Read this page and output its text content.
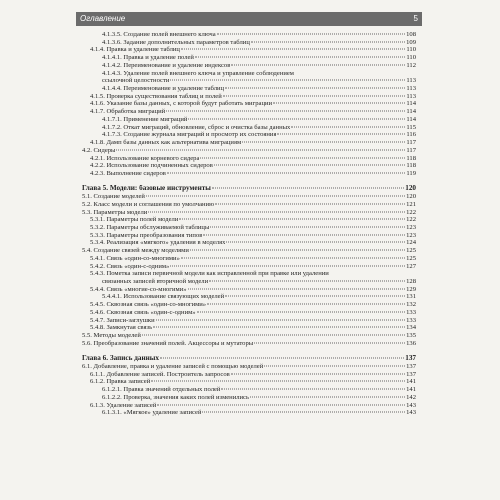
Оглавление	5
4.1.3.5. Создание полей внешнего ключа	108
4.1.3.6. Задание дополнительных параметров таблиц	109
4.1.4. Правка и удаление таблиц	110
4.1.4.1. Правка и удаление полей	110
4.1.4.2. Переименование и удаление индексов	112
4.1.4.3. Удаление полей внешнего ключа и управление соблюдением
ссылочной целостности	113
4.1.4.4. Переименование и удаление таблиц	113
4.1.5. Проверка существования таблиц и полей	113
4.1.6. Указание базы данных, с которой будут работать миграции	114
4.1.7. Обработка миграций	114
4.1.7.1. Применение миграций	114
4.1.7.2. Откат миграций, обновление, сброс и очистка базы данных	115
4.1.7.3. Создание журнала миграций и просмотр их состояния	116
4.1.8. Дамп базы данных как альтернатива миграциям	117
4.2. Сидеры	117
4.2.1. Использование корневого сидера	118
4.2.2. Использование подчиненных сидеров	118
4.2.3. Выполнение сидеров	119
Глава 5. Модели: базовые инструменты	120
5.1. Создание моделей	120
5.2. Класс модели и соглашения по умолчанию	121
5.3. Параметры модели	122
5.3.1. Параметры полей модели	122
5.3.2. Параметры обслуживаемой таблицы	123
5.3.3. Параметры преобразования типов	123
5.3.4. Реализация «мягкого» удаления в моделях	124
5.4. Создание связей между моделями	125
5.4.1. Связь «один-со-многими»	125
5.4.2. Связь «один-с-одним»	127
5.4.3. Пометка записи первичной модели как исправленной при правке или удалении
связанных записей вторичной модели	128
5.4.4. Связь «многие-со-многими»	129
5.4.4.1. Использование связующих моделей	131
5.4.5. Сквозная связь «один-со-многими»	132
5.4.6. Сквозная связь «один-с-одним»	133
5.4.7. Записи-заглушки	133
5.4.8. Замкнутая связь	134
5.5. Методы моделей	135
5.6. Преобразование значений полей. Акцессоры и мутаторы	136
Глава 6. Запись данных	137
6.1. Добавление, правка и удаление записей с помощью моделей	137
6.1.1. Добавление записей. Построитель запросов	137
6.1.2. Правка записей	141
6.1.2.1. Правка значений отдельных полей	141
6.1.2.2. Проверка, значения каких полей изменились	142
6.1.3. Удаление записей	143
6.1.3.1. «Мягкое» удаление записей	143
